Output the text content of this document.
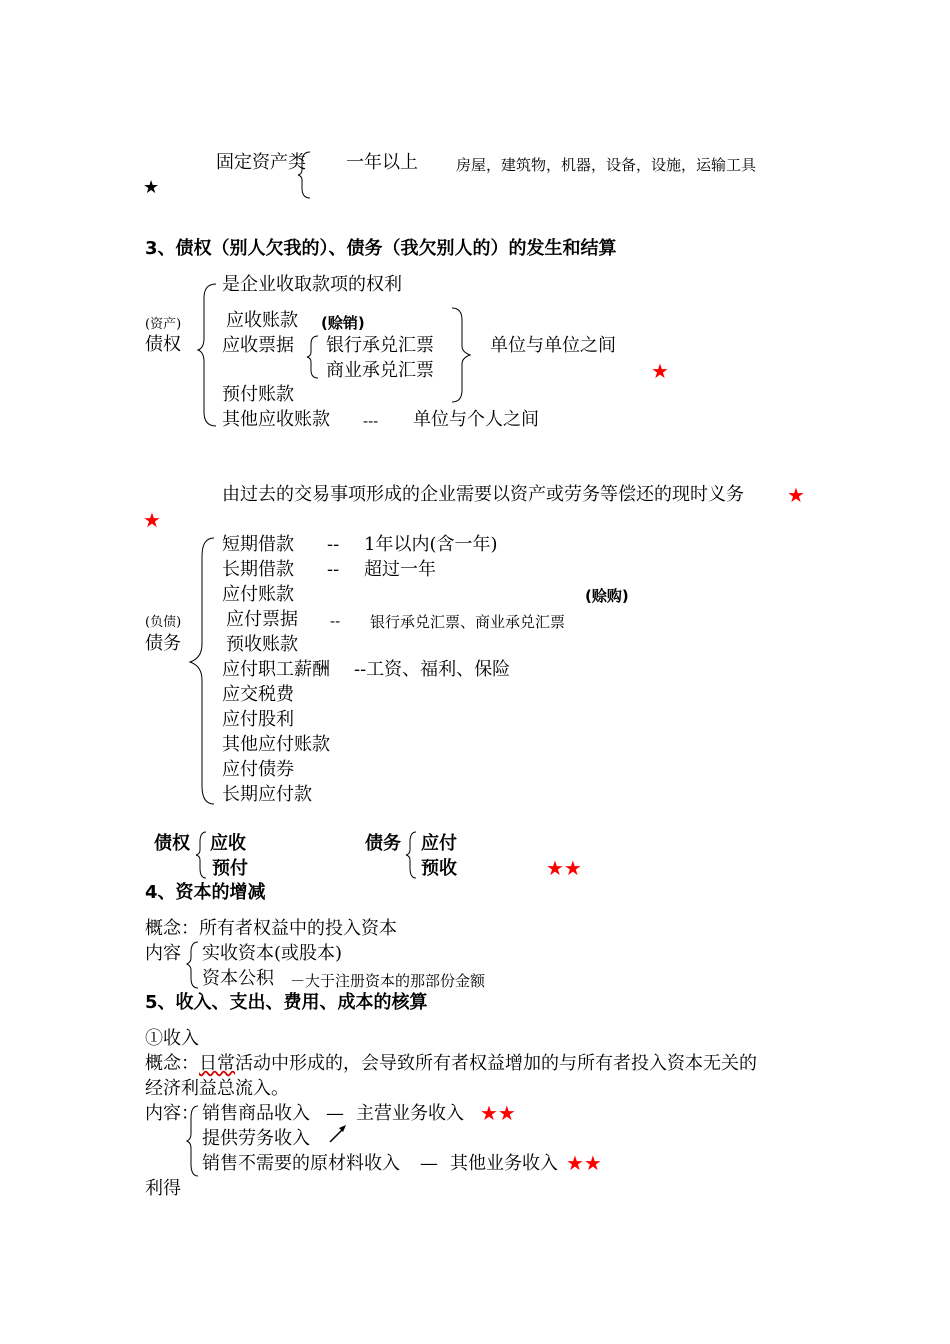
固定资产类 一年以上	房屋，建筑物，机器，设备，设施，运输工具
★
3、债权（别人欠我的）、债务（我欠别人的）的发生和结算
是企业收取款项的权利
(资产)
债权
应收账款 (赊销)
应收票据 银行承兑汇票
商业承兑汇票
单位与单位之间
★
预付账款
其他应收账款 --- 单位与个人之间
由过去的交易事项形成的企业需要以资产或劳务等偿还的现时义务 ★
★
(负债)
债务
短期借款 -- 1年以内(含一年)
长期借款 -- 超过一年
应付账款	(赊购)
应付票据 -- 银行承兑汇票、商业承兑汇票
预收账款
应付职工薪酬 --工资、福利、保险
应交税费
应付股利
其他应付账款
应付债券
长期应付款
债权 应收
预付
债务 应付
预收	★★
4、资本的增减
概念：所有者权益中的投入资本
内容 实收资本(或股本)
资本公积 －大于注册资本的那部份金额
5、收入、支出、费用、成本的核算
①收入
概念：日常活动中形成的，会导致所有者权益增加的与所有者投入资本无关的
经济利益总流入。
内容： 销售商品收入 — 主营业务收入 ★★
提供劳务收入
销售不需要的原材料收入 — 其他业务收入 ★★
利得
